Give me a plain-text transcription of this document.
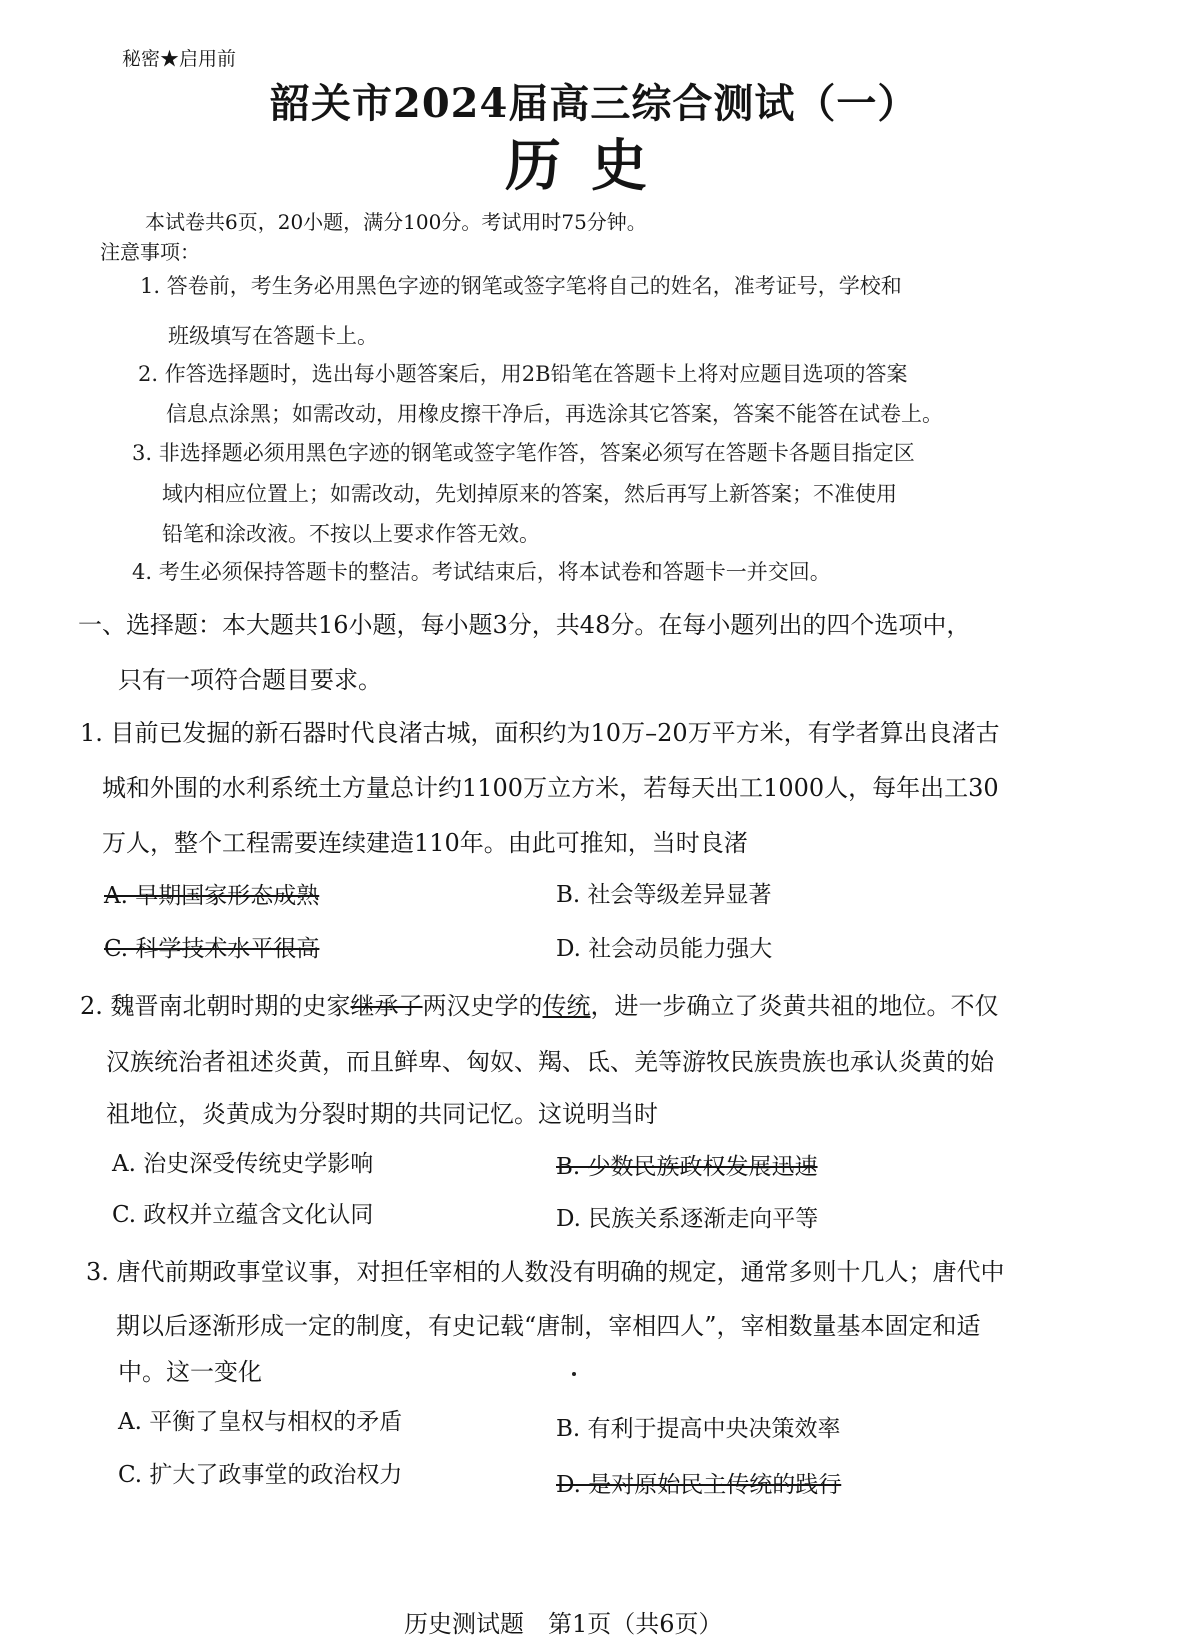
秘密★启用前
韶关市2024届高三综合测试（一）
历史
本试卷共6页，20小题，满分100分。考试用时75分钟。
注意事项：
1. 答卷前，考生务必用黑色字迹的钢笔或签字笔将自己的姓名，准考证号，学校和
班级填写在答题卡上。
2. 作答选择题时，选出每小题答案后，用2B铅笔在答题卡上将对应题目选项的答案
信息点涂黑；如需改动，用橡皮擦干净后，再选涂其它答案，答案不能答在试卷上。
3. 非选择题必须用黑色字迹的钢笔或签字笔作答，答案必须写在答题卡各题目指定区
域内相应位置上；如需改动，先划掉原来的答案，然后再写上新答案；不准使用
铅笔和涂改液。不按以上要求作答无效。
4. 考生必须保持答题卡的整洁。考试结束后，将本试卷和答题卡一并交回。
一、选择题：本大题共16小题，每小题3分，共48分。在每小题列出的四个选项中，
只有一项符合题目要求。
1. 目前已发掘的新石器时代良渚古城，面积约为10万–20万平方米，有学者算出良渚古
城和外围的水利系统土方量总计约1100万立方米，若每天出工1000人，每年出工30
万人，整个工程需要连续建造110年。由此可推知，当时良渚
A. 早期国家形态成熟	B. 社会等级差异显著
C. 科学技术水平很高	D. 社会动员能力强大
2. 魏晋南北朝时期的史家继承了两汉史学的传统，进一步确立了炎黄共祖的地位。不仅
汉族统治者祖述炎黄，而且鲜卑、匈奴、羯、氐、羌等游牧民族贵族也承认炎黄的始
祖地位，炎黄成为分裂时期的共同记忆。这说明当时
A. 治史深受传统史学影响	B. 少数民族政权发展迅速
C. 政权并立蕴含文化认同	D. 民族关系逐渐走向平等
3. 唐代前期政事堂议事，对担任宰相的人数没有明确的规定，通常多则十几人；唐代中
期以后逐渐形成一定的制度，有史记载“唐制，宰相四人”，宰相数量基本固定和适
中。这一变化
A. 平衡了皇权与相权的矛盾	B. 有利于提高中央决策效率
C. 扩大了政事堂的政治权力	D. 是对原始民主传统的践行
历史测试题　第1页（共6页）
